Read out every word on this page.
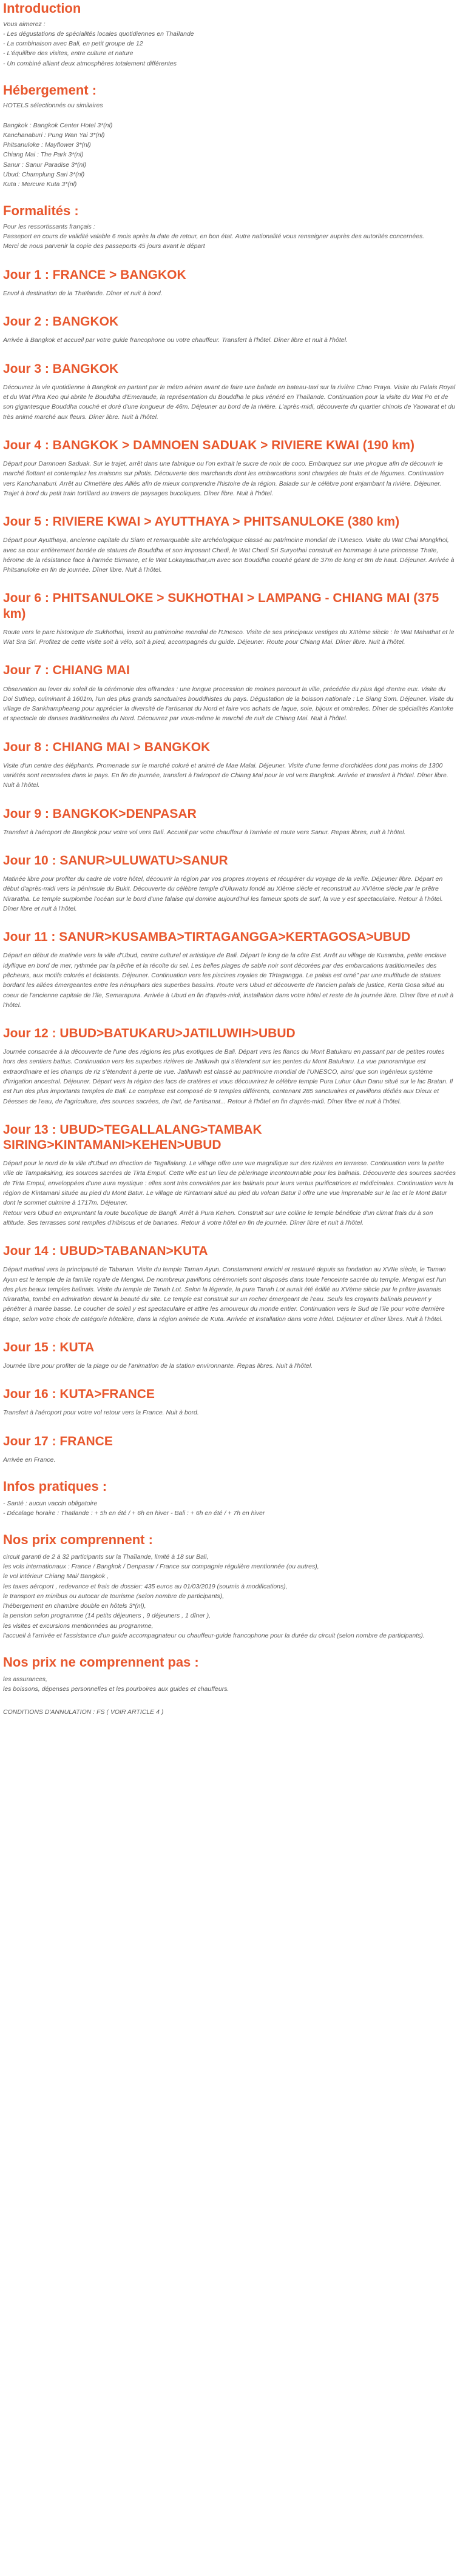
Introduction

Vous aimerez :

- Les dégustations de spécialités locales quotidiennes en Thaïlande

- La combinaison avec Bali, en petit groupe de 12

- L'équilibre des visites, entre culture et nature

- Un combiné alliant deux atmosphères totalement différentes

Hébergement :

HOTELS sélectionnés ou similaires

Bangkok : Bangkok Center Hotel 3*(nl)

Kanchanaburi : Pung Wan Yai 3*(nl)

Phitsanuloke : Mayflower 3*(nl)

Chiang Mai : The Park 3*(nl)

Sanur : Sanur Paradise 3*(nl)

Ubud: Champlung Sari 3*(nl)

Kuta : Mercure Kuta 3*(nl)

Formalités :

Pour les ressortissants français :

Passeport en cours de validité valable 6 mois après la date de retour, en bon état. Autre nationalité vous renseigner auprès des autorités concernées.

Merci de nous parvenir la copie des passeports 45 jours avant le départ

Jour 1 : FRANCE > BANGKOK

Envol à destination de la Thaïlande. Dîner et nuit à bord.

Jour 2 : BANGKOK

Arrivée à Bangkok et accueil par votre guide francophone ou votre chauffeur. Transfert à l'hôtel. Dîner libre et nuit à l'hôtel.

Jour 3 : BANGKOK

Découvrez la vie quotidienne à Bangkok en partant par le métro aérien avant de faire une balade en bateau-taxi sur la rivière Chao Praya. Visite du Palais Royal et du Wat Phra Keo qui abrite le Bouddha d'Emeraude, la représentation du Bouddha le plus vénéré en Thaïlande. Continuation pour la visite du Wat Po et de son gigantesque Bouddha couché et doré d'une longueur de 46m. Déjeuner au bord de la rivière. L'après-midi, découverte du quartier chinois de Yaowarat et du très animé marché aux fleurs. Dîner libre. Nuit à l'hôtel.

Jour 4 : BANGKOK > DAMNOEN SADUAK > RIVIERE KWAI (190 km)

Départ pour Damnoen Saduak. Sur le trajet, arrêt dans une fabrique ou l'on extrait le sucre de noix de coco. Embarquez sur une pirogue afin de découvrir le marché flottant et contemplez les maisons sur pilotis. Découverte des marchands dont les embarcations sont chargées de fruits et de légumes. Continuation vers Kanchanaburi. Arrêt au Cimetière des Alliés afin de mieux comprendre l'histoire de la région. Balade sur le célèbre pont enjambant la rivière. Déjeuner. Trajet à bord du petit train tortillard au travers de paysages bucoliques. Dîner libre. Nuit à l'hôtel.

Jour 5 : RIVIERE KWAI > AYUTTHAYA > PHITSANULOKE (380 km)

Départ pour Ayutthaya, ancienne capitale du Siam et remarquable site archéologique classé au patrimoine mondial de l'Unesco. Visite du Wat Chai Mongkhol, avec sa cour entièrement bordée de statues de Bouddha et son imposant Chedi, le Wat Chedi Sri Suryothai construit en hommage à une princesse Thaïe, héroïne de la résistance face à l'armée Birmane, et le Wat Lokayasuthar,un avec son Bouddha couché géant de 37m de long et 8m de haut. Déjeuner. Arrivée à Phitsanuloke en fin de journée. Dîner libre. Nuit à l'hôtel.

Jour 6 : PHITSANULOKE > SUKHOTHAI > LAMPANG - CHIANG MAI (375 km)

Route vers le parc historique de Sukhothai, inscrit au patrimoine mondial de l'Unesco. Visite de ses principaux vestiges du XIIIème siècle : le Wat Mahathat et le Wat Sra Sri. Profitez de cette visite soit à vélo, soit à pied, accompagnés du guide. Déjeuner. Route pour Chiang Mai. Dîner libre. Nuit à l'hôtel.

Jour 7 : CHIANG MAI

Observation au lever du soleil de la cérémonie des offrandes : une longue procession de moines parcourt la ville, précédée du plus âgé d'entre eux. Visite du Doi Suthep, culminant à 1601m, l'un des plus grands sanctuaires bouddhistes du pays. Dégustation de la boisson nationale : Le Siang Som. Déjeuner. Visite du village de Sankhampheang pour apprécier la diversité de l'artisanat du Nord et faire vos achats de laque, soie, bijoux et ombrelles. Dîner de spécialités Kantoke et spectacle de danses traditionnelles du Nord. Découvrez par vous-même le marché de nuit de Chiang Mai. Nuit à l'hôtel.

Jour 8 : CHIANG MAI > BANGKOK

Visite d'un centre des éléphants. Promenade sur le marché coloré et animé de Mae Malai. Déjeuner. Visite d'une ferme d'orchidées dont pas moins de 1300 variétés sont recensées dans le pays. En fin de journée, transfert à l'aéroport de Chiang Mai pour le vol vers Bangkok. Arrivée et transfert à l'hôtel. Dîner libre. Nuit à l'hôtel.

Jour 9 : BANGKOK>DENPASAR

Transfert à l'aéroport de Bangkok pour votre vol vers Bali. Accueil par votre chauffeur à l'arrivée et route vers Sanur. Repas libres, nuit à l'hôtel.

Jour 10 : SANUR>ULUWATU>SANUR

Matinée libre pour profiter du cadre de votre hôtel, découvrir la région par vos propres moyens et récupérer du voyage de la veille. Déjeuner libre. Départ en début d'après-midi vers la péninsule du Bukit. Découverte du célèbre temple d'Uluwatu fondé au XIème siècle et reconstruit au XVIème siècle par le prêtre Niraratha. Le temple surplombe l'océan sur le bord d'une falaise qui domine aujourd'hui les fameux spots de surf, la vue y est spectaculaire. Retour à l'hôtel. Dîner libre et nuit à l'hôtel.

Jour 11 : SANUR>KUSAMBA>TIRTAGANGGA>KERTAGOSA>UBUD

Départ en début de matinée vers la ville d'Ubud, centre culturel et artistique de Bali. Départ le long de la côte Est. Arrêt au village de Kusamba, petite enclave idyllique en bord de mer, rythmée par la pêche et la récolte du sel. Les belles plages de sable noir sont décorées par des embarcations traditionnelles des pêcheurs, aux motifs colorés et éclatants. Déjeuner. Continuation vers les piscines royales de Tirtagangga. Le palais est orné" par une multitude de statues bordant les allées émergeantes entre les nénuphars des superbes bassins. Route vers Ubud et découverte de l'ancien palais de justice, Kerta Gosa situé au coeur de l'ancienne capitale de l'île, Semarapura. Arrivée à Ubud en fin d'après-midi, installation dans votre hôtel et reste de la journée libre. Dîner libre et nuit à l'hôtel.

Jour 12 : UBUD>BATUKARU>JATILUWIH>UBUD

Journée consacrée à la découverte de l'une des régions les plus exotiques de Bali. Départ vers les flancs du Mont Batukaru en passant par de petites routes hors des sentiers battus. Continuation vers les superbes rizières de Jatiluwih qui s'étendent sur les pentes du Mont Batukaru. La vue panoramique est extraordinaire et les champs de riz s'étendent à perte de vue. Jatiluwih est classé au patrimoine mondial de l'UNESCO, ainsi que son ingénieux système d'irrigation ancestral. Déjeuner. Départ vers la région des lacs de cratères et vous découvrirez le célèbre temple Pura Luhur Ulun Danu situé sur le lac Bratan. Il est l'un des plus importants temples de Bali. Le complexe est composé de 9 temples différents, contenant 285 sanctuaires et pavillons dédiés aux Dieux et Déesses de l'eau, de l'agriculture, des sources sacrées, de l'art, de l'artisanat... Retour à l'hôtel en fin d'après-midi. Dîner libre et nuit à l'hôtel.

Jour 13 : UBUD>TEGALLALANG>TAMBAK SIRING>KINTAMANI>KEHEN>UBUD

Départ pour le nord de la ville d'Ubud en direction de Tegallalang. Le village offre une vue magnifique sur des rizières en terrasse. Continuation vers la petite ville de Tampaksiring, les sources sacrées de Tirta Empul. Cette ville est un lieu de pèlerinage incontournable pour les balinais. Découverte des sources sacrées de Tirta Empul, enveloppées d'une aura mystique : elles sont très convoitées par les balinais pour leurs vertus purificatrices et médicinales. Continuation vers la région de Kintamani située au pied du Mont Batur. Le village de Kintamani situé au pied du volcan Batur il offre une vue imprenable sur le lac et le Mont Batur dont le sommet culmine à 1717m. Déjeuner.
Retour vers Ubud en empruntant la route bucolique de Bangli. Arrêt à Pura Kehen. Construit sur une colline le temple bénéficie d'un climat frais du à son altitude. Ses terrasses sont remplies d'hibiscus et de bananes. Retour à votre hôtel en fin de journée. Dîner libre et nuit à l'hôtel.

Jour 14 : UBUD>TABANAN>KUTA

Départ matinal vers la principauté de Tabanan. Visite du temple Taman Ayun. Constamment enrichi et restauré depuis sa fondation au XVIIe siècle, le Taman Ayun est le temple de la famille royale de Mengwi. De nombreux pavillons cérémoniels sont disposés dans toute l'enceinte sacrée du temple. Mengwi est l'un des plus beaux temples balinais. Visite du temple de Tanah Lot. Selon la légende, la pura Tanah Lot aurait été édifié au XVème siècle par le prêtre javanais Niraratha, tombé en admiration devant la beauté du site. Le temple est construit sur un rocher émergeant de l'eau. Seuls les croyants balinais peuvent y pénétrer à marée basse. Le coucher de soleil y est spectaculaire et attire les amoureux du monde entier. Continuation vers le Sud de l'île pour votre dernière étape, selon votre choix de catégorie hôtelière, dans la région animée de Kuta. Arrivée et installation dans votre hôtel. Déjeuner et dîner libres. Nuit à l'hôtel.

Jour 15 : KUTA

Journée libre pour profiter de la plage ou de l'animation de la station environnante. Repas libres. Nuit à l'hôtel.

Jour 16 : KUTA>FRANCE

Transfert à l'aéroport pour votre vol retour vers la France. Nuit à bord.

Jour 17 : FRANCE

Arrivée en France.

Infos pratiques :

- Santé : aucun vaccin obligatoire

- Décalage horaire : Thaïlande : + 5h en été / + 6h en hiver - Bali : + 6h en été / + 7h en hiver

Nos prix comprennent :

circuit garanti de 2 à 32 participants sur la Thaïlande, limité à 18 sur Bali,

les vols internationaux : France / Bangkok / Denpasar / France sur compagnie régulière mentionnée (ou autres),

le vol intérieur Chiang Mai/ Bangkok ,

les taxes aéroport , redevance et frais de dossier: 435 euros au 01/03/2019 (soumis à modifications),

le transport en minibus ou autocar de tourisme (selon nombre de participants),

l'hébergement en chambre double en hôtels 3*(nl),

la pension selon programme (14 petits déjeuners , 9 déjeuners , 1 dîner ),

les visites et excursions mentionnées au programme,

l'accueil à l'arrivée et l'assistance d'un guide accompagnateur ou chauffeur-guide francophone pour la durée du circuit (selon nombre de participants).

Nos prix ne comprennent pas :

les assurances,

les boissons, dépenses personnelles et les pourboires aux guides et chauffeurs.

CONDITIONS D'ANNULATION : FS ( VOIR ARTICLE 4 )
